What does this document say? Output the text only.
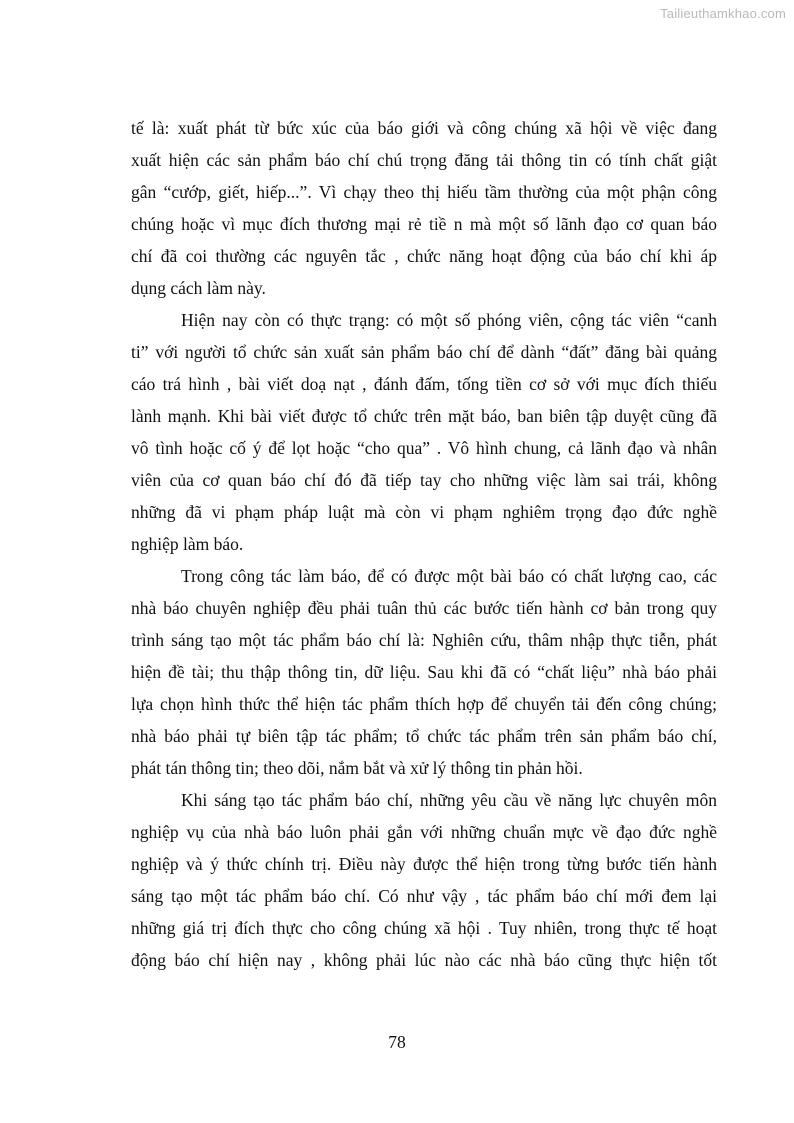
Tailieuthamkhao.com
tế là: xuất phát từ bức xúc của báo giới và công chúng xã hội về việc đang
xuất hiện các sản phẩm báo chí chú trọng đăng tải thông tin có tính chất giật
gân “cướp, giết, hiếp...”. Vì chạy theo thị hiếu tầm thường của một phận công
chúng hoặc vì mục đích thương mại rẻ tiề n mà một số lãnh đạo cơ quan báo
chí đã coi thường các nguyên tắc , chức năng hoạt động của báo chí khi áp
dụng cách làm này.
Hiện nay còn có thực trạng: có một số phóng viên, cộng tác viên “canh
ti” với người tổ chức sản xuất sản phẩm báo chí để dành “đất” đăng bài quảng
cáo trá hình , bài viết doạ nạt , đánh đấm, tống tiền cơ sở với mục đích thiếu
lành mạnh. Khi bài viết được tổ chức trên mặt báo, ban biên tập duyệt cũng đã
vô tình hoặc cố ý để lọt hoặc “cho qua” . Vô hình chung, cả lãnh đạo và nhân
viên của cơ quan báo chí đó đã tiếp tay cho những việc làm sai trái, không
những đã vi phạm pháp luật mà còn vi phạm nghiêm trọng đạo đức nghề
nghiệp làm báo.
Trong công tác làm báo, để có được một bài báo có chất lượng cao, các
nhà báo chuyên nghiệp đều phải tuân thủ các bước tiến hành cơ bản trong quy
trình sáng tạo một tác phẩm báo chí là: Nghiên cứu, thâm nhập thực tiễn, phát
hiện đề tài; thu thập thông tin, dữ liệu. Sau khi đã có “chất liệu” nhà báo phải
lựa chọn hình thức thể hiện tác phẩm thích hợp để chuyển tải đến công chúng;
nhà báo phải tự biên tập tác phẩm; tổ chức tác phẩm trên sản phẩm báo chí,
phát tán thông tin; theo dõi, nắm bắt và xử lý thông tin phản hồi.
Khi sáng tạo tác phẩm báo chí, những yêu cầu về năng lực chuyên môn
nghiệp vụ của nhà báo luôn phải gắn với những chuẩn mực về đạo đức nghề
nghiệp và ý thức chính trị. Điều này được thể hiện trong từng bước tiến hành
sáng tạo một tác phẩm báo chí. Có như vậy , tác phẩm báo chí mới đem lại
những giá trị đích thực cho công chúng xã hội . Tuy nhiên, trong thực tế hoạt
động báo chí hiện nay , không phải lúc nào các nhà báo cũng thực hiện tốt
78
